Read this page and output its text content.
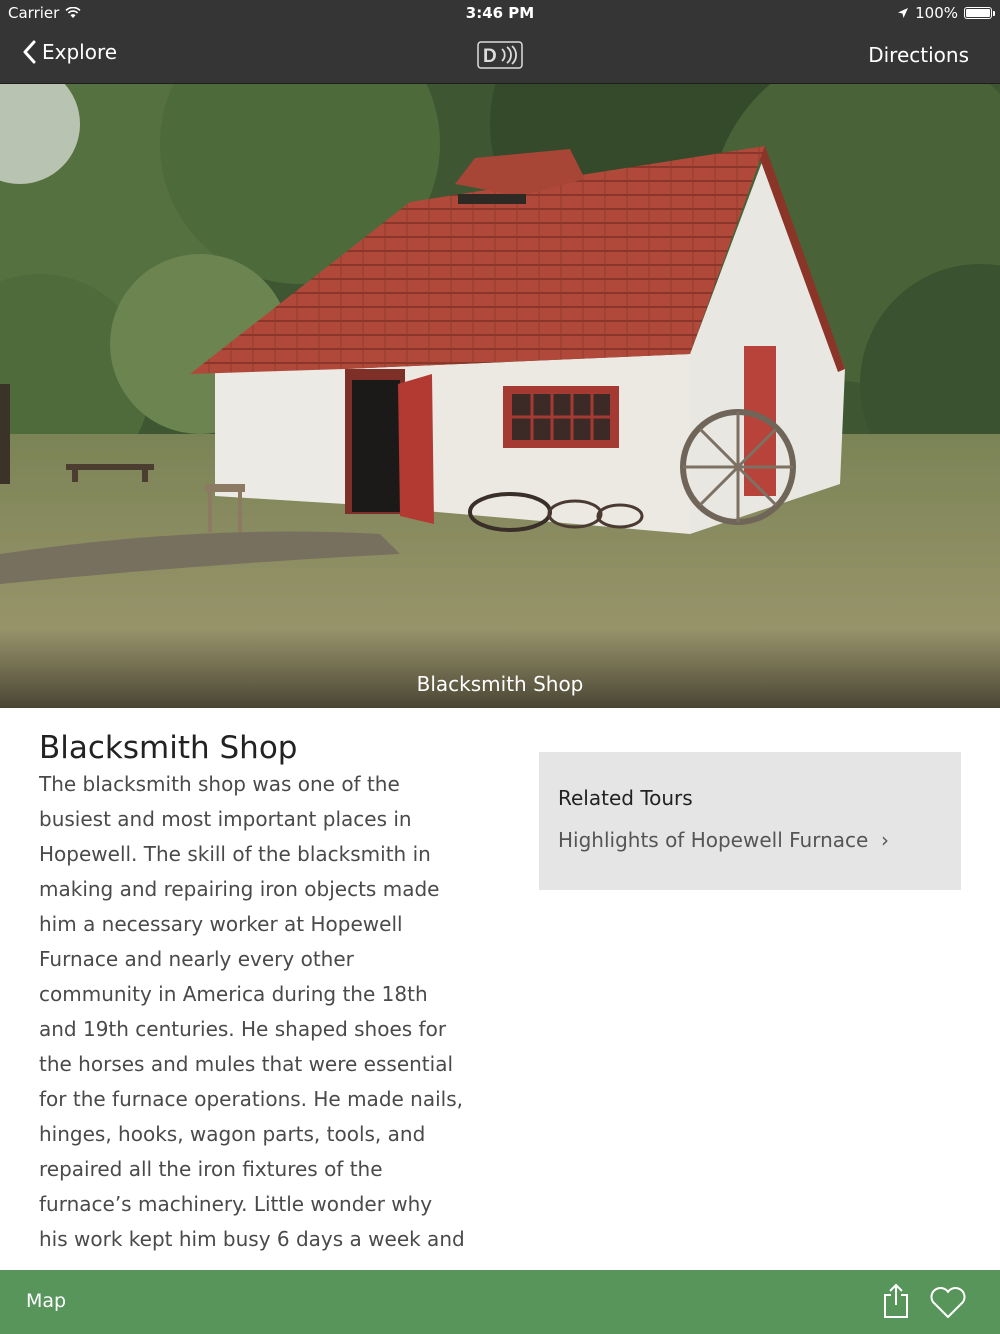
Carrier	3:46 PM	100%
Explore	D	Directions
Blacksmith Shop
Blacksmith Shop

The blacksmith shop was one of the busiest and most important places in Hopewell. The skill of the blacksmith in making and repairing iron objects made him a necessary worker at Hopewell Furnace and nearly every other community in America during the 18th and 19th centuries. He shaped shoes for the horses and mules that were essential for the furnace operations. He made nails, hinges, hooks, wagon parts, tools, and repaired all the iron fixtures of the furnace’s machinery. Little wonder why his work kept him busy 6 days a week and

Related Tours
Highlights of Hopewell Furnace  ›
Map
